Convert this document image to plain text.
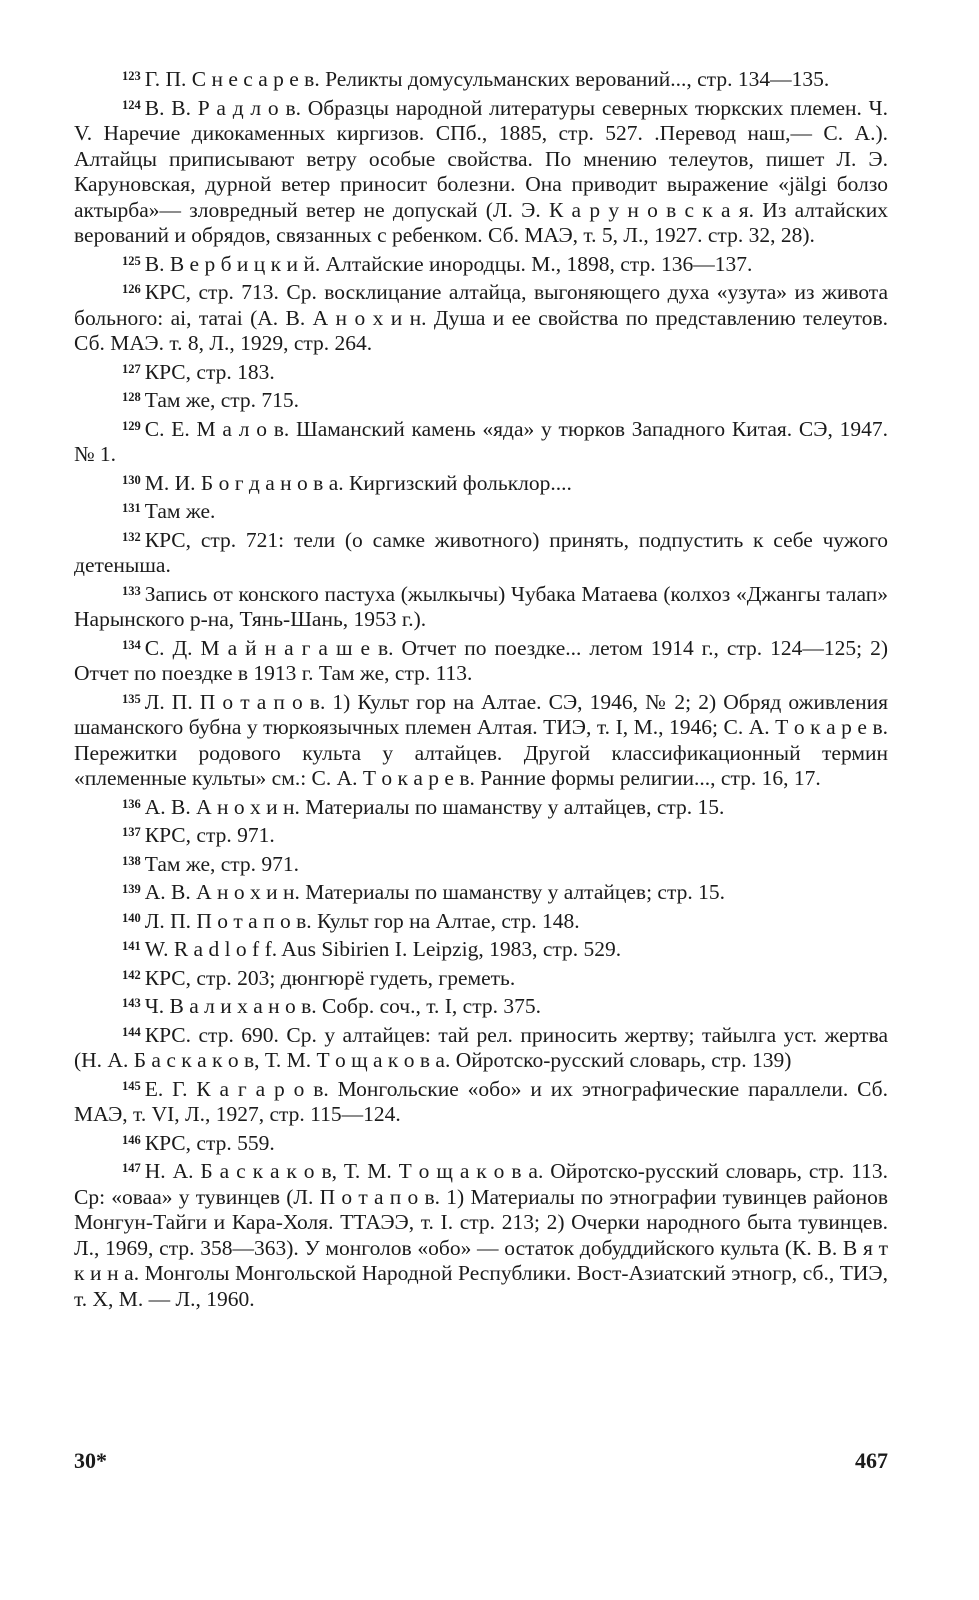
$^{123}$ Г. П. С н е с а р е в. Реликты домусульманских верований..., стр. 134—135.

$^{124}$ В. В. Р а д л о в. Образцы народной литературы северных тюркских племен. Ч. V. Наречие дикокаменных киргизов. СПб., 1885, стр. 527. .Перевод наш,— С. А.). Алтайцы приписывают ветру особые свойства. По мнению телеутов, пишет Л. Э. Каруновская, дурной ветер приносит болезни. Она приводит выражение «jälgi болзо актырба»— зловредный ветер не допускай (Л. Э. К а р у н о в с к а я. Из алтайских верований и обрядов, связанных с ребенком. Сб. МАЭ, т. 5, Л., 1927. стр. 32, 28).

$^{125}$ В. В е р б и ц к и й. Алтайские инородцы. М., 1898, стр. 136—137.

$^{126}$ КРС, стр. 713. Ср. восклицание алтайца, выгоняющего духа «узута» из живота больного: ai, татаi (А. В. А н о х и н. Душа и ее свойства по представлению телеутов. Сб. МАЭ. т. 8, Л., 1929, стр. 264.

$^{127}$ КРС, стр. 183.

$^{128}$ Там же, стр. 715.

$^{129}$ С. Е. М а л о в. Шаманский камень «яда» у тюрков Западного Китая. СЭ, 1947. № 1.

$^{130}$ М. И. Б о г д а н о в а. Киргизский фольклор....

$^{131}$ Там же.

$^{132}$ КРС, стр. 721: тели (о самке животного) принять, подпустить к себе чужого детеныша.

$^{133}$ Запись от конского пастуха (жылкычы) Чубака Матаева (колхоз «Джангы талап» Нарынского р-на, Тянь-Шань, 1953 г.).

$^{134}$ С. Д. М а й н а г а ш е в. Отчет по поездке... летом 1914 г., стр. 124—125; 2) Отчет по поездке в 1913 г. Там же, стр. 113.

$^{135}$ Л. П. П о т а п о в. 1) Культ гор на Алтае. СЭ, 1946, № 2; 2) Обряд оживления шаманского бубна у тюркоязычных племен Алтая. ТИЭ, т. I, М., 1946; С. А. Т о к а р е в. Пережитки родового культа у алтайцев. Другой классификационный термин «племенные культы» см.: С. А. Т о к а р е в. Ранние формы религии..., стр. 16, 17.

$^{136}$ А. В. А н о х и н. Материалы по шаманству у алтайцев, стр. 15.

$^{137}$ КРС, стр. 971.

$^{138}$ Там же, стр. 971.

$^{139}$ А. В. А н о х и н. Материалы по шаманству у алтайцев; стр. 15.

$^{140}$ Л. П. П о т а п о в. Культ гор на Алтае, стр. 148.

$^{141}$ W. R a d l o f f. Aus Sibirien I. Leipzig, 1983, стр. 529.

$^{142}$ КРС, стр. 203; дюнгюрё гудеть, греметь.

$^{143}$ Ч. В а л и х а н о в. Собр. соч., т. I, стр. 375.

$^{144}$ КРС. стр. 690. Ср. у алтайцев: тай рел. приносить жертву; тайылга уст. жертва (Н. А. Б а с к а к о в, Т. М. Т о щ а к о в а. Ойротско-русский словарь, стр. 139)

$^{145}$ Е. Г. К а г а р о в. Монгольские «обо» и их этнографические параллели. Сб. МАЭ, т. VI, Л., 1927, стр. 115—124.

$^{146}$ КРС, стр. 559.

$^{147}$ Н. А. Б а с к а к о в, Т. М. Т о щ а к о в а. Ойротско-русский словарь, стр. 113. Ср: «оваа» у тувинцев (Л. П о т а п о в. 1) Материалы по этнографии тувинцев районов Монгун-Тайги и Кара-Холя. ТТАЭЭ, т. I. стр. 213; 2) Очерки народного быта тувинцев. Л., 1969, стр. 358—363). У монголов «обо» — остаток добуддийского культа (К. В. В я т к и н а. Монголы Монгольской Народной Республики. Вост-Азиатский этногр, сб., ТИЭ, т. X, М. — Л., 1960.

30*	467
